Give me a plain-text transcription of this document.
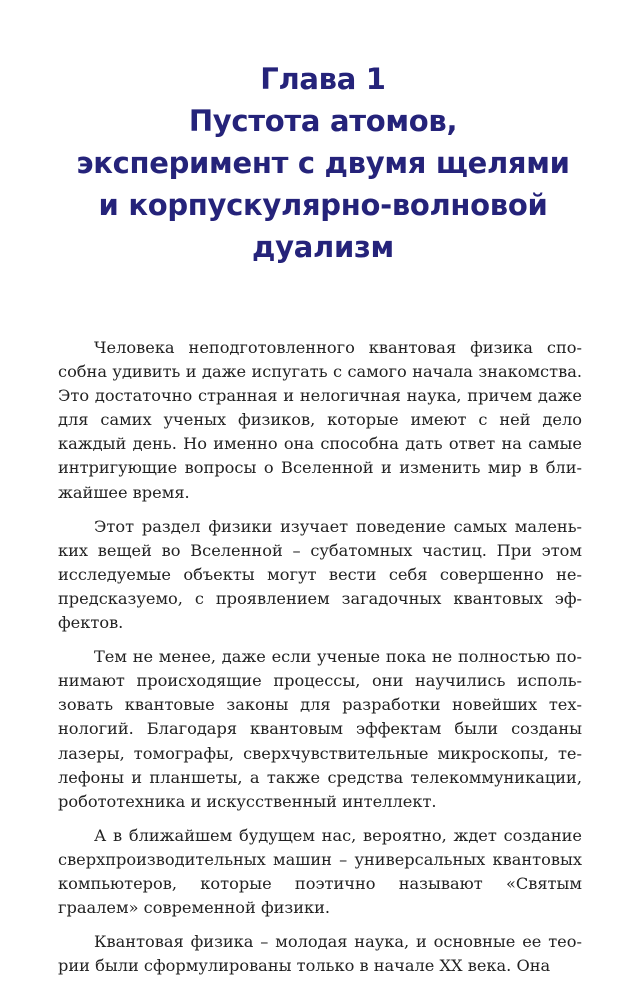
Глава 1
Пустота атомов,
эксперимент с двумя щелями
и корпускулярно-волновой
дуализм

Человека неподготовленного квантовая физика способна удивить и даже испугать с самого начала знакомства. Это достаточно странная и нелогичная наука, причем даже для самих ученых физиков, которые имеют с ней дело каждый день. Но именно она способна дать ответ на самые интригующие вопросы о Вселенной и изменить мир в ближайшее время.

Этот раздел физики изучает поведение самых маленьких вещей во Вселенной – субатомных частиц. При этом исследуемые объекты могут вести себя совершенно непредсказуемо, с проявлением загадочных квантовых эффектов.

Тем не менее, даже если ученые пока не полностью понимают происходящие процессы, они научились использовать квантовые законы для разработки новейших технологий. Благодаря квантовым эффектам были созданы лазеры, томографы, сверхчувствительные микроскопы, телефоны и планшеты, а также средства телекоммуникации, робототехника и искусственный интеллект.

А в ближайшем будущем нас, вероятно, ждет создание сверхпроизводительных машин – универсальных квантовых компьютеров, которые поэтично называют «Святым граалем» современной физики.

Квантовая физика – молодая наука, и основные ее теории были сформулированы только в начале XX века. Она
